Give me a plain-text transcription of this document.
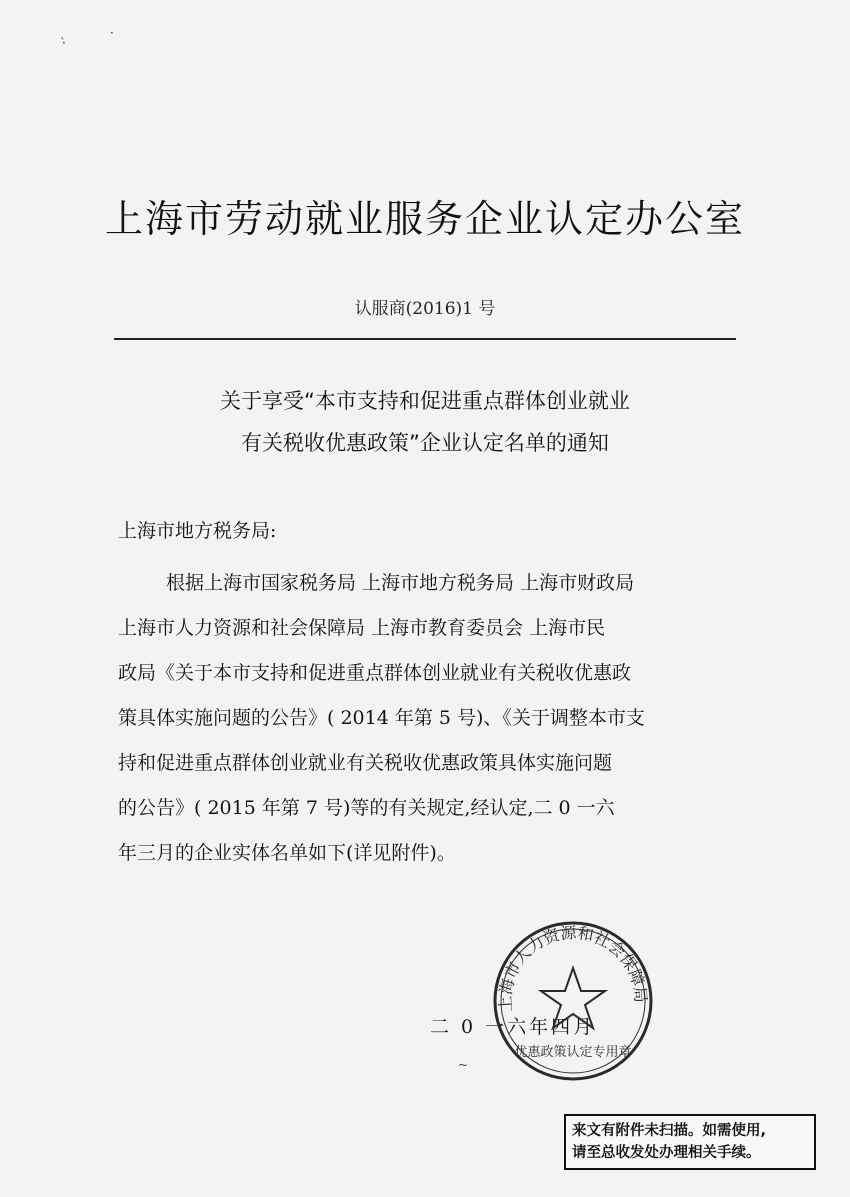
·̀
·
~
上海市劳动就业服务企业认定办公室
认服商(2016)1 号
关于享受“本市支持和促进重点群体创业就业
有关税收优惠政策”企业认定名单的通知
上海市地方税务局:
根据上海市国家税务局 上海市地方税务局 上海市财政局
上海市人力资源和社会保障局 上海市教育委员会 上海市民
政局《关于本市支持和促进重点群体创业就业有关税收优惠政
策具体实施问题的公告》( 2014 年第 5 号)、《关于调整本市支
持和促进重点群体创业就业有关税收优惠政策具体实施问题
的公告》( 2015 年第 7 号)等的有关规定,经认定,二 0 一六
年三月的企业实体名单如下(详见附件)。
二 0 一六年四月
上海市人力资源和社会保障局
优惠政策认定专用章
来文有附件未扫描。如需使用,
请至总收发处办理相关手续。
